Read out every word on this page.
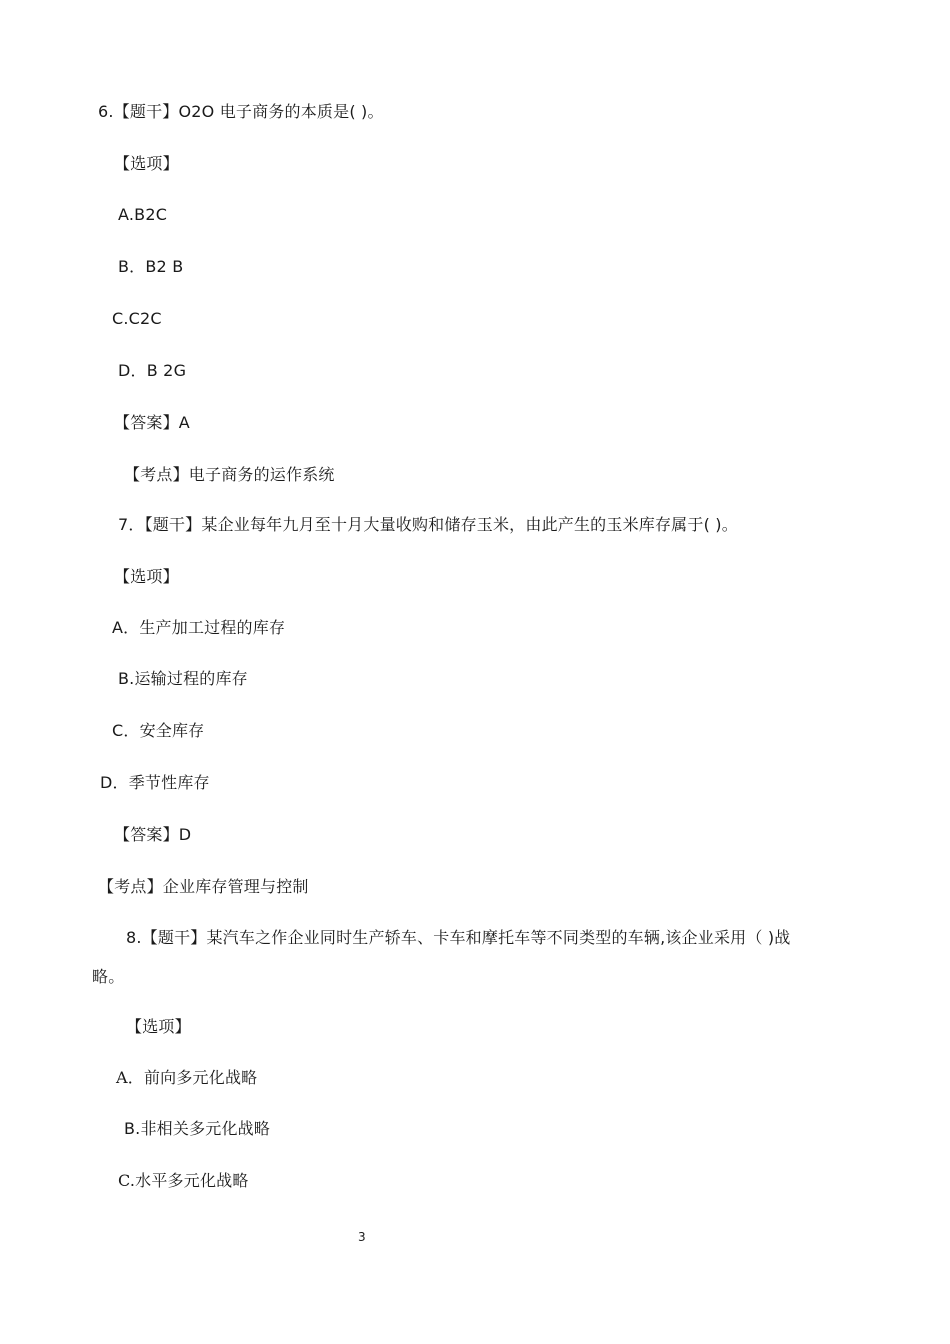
6.【题干】O2O 电子商务的本质是( )。
【选项】
A.B2C
B．B2 B
C.C2C
D．B 2G
【答案】A
【考点】电子商务的运作系统
7．【题干】某企业每年九月至十月大量收购和储存玉米，由此产生的玉米库存属于( )。
【选项】
A．生产加工过程的库存
B.运输过程的库存
C．安全库存
D．季节性库存
【答案】D
【考点】企业库存管理与控制
8.【题干】某汽车之作企业同时生产轿车、卡车和摩托车等不同类型的车辆,该企业采用（ )战
略。
【选项】
A．前向多元化战略
B.非相关多元化战略
C.水平多元化战略
3
